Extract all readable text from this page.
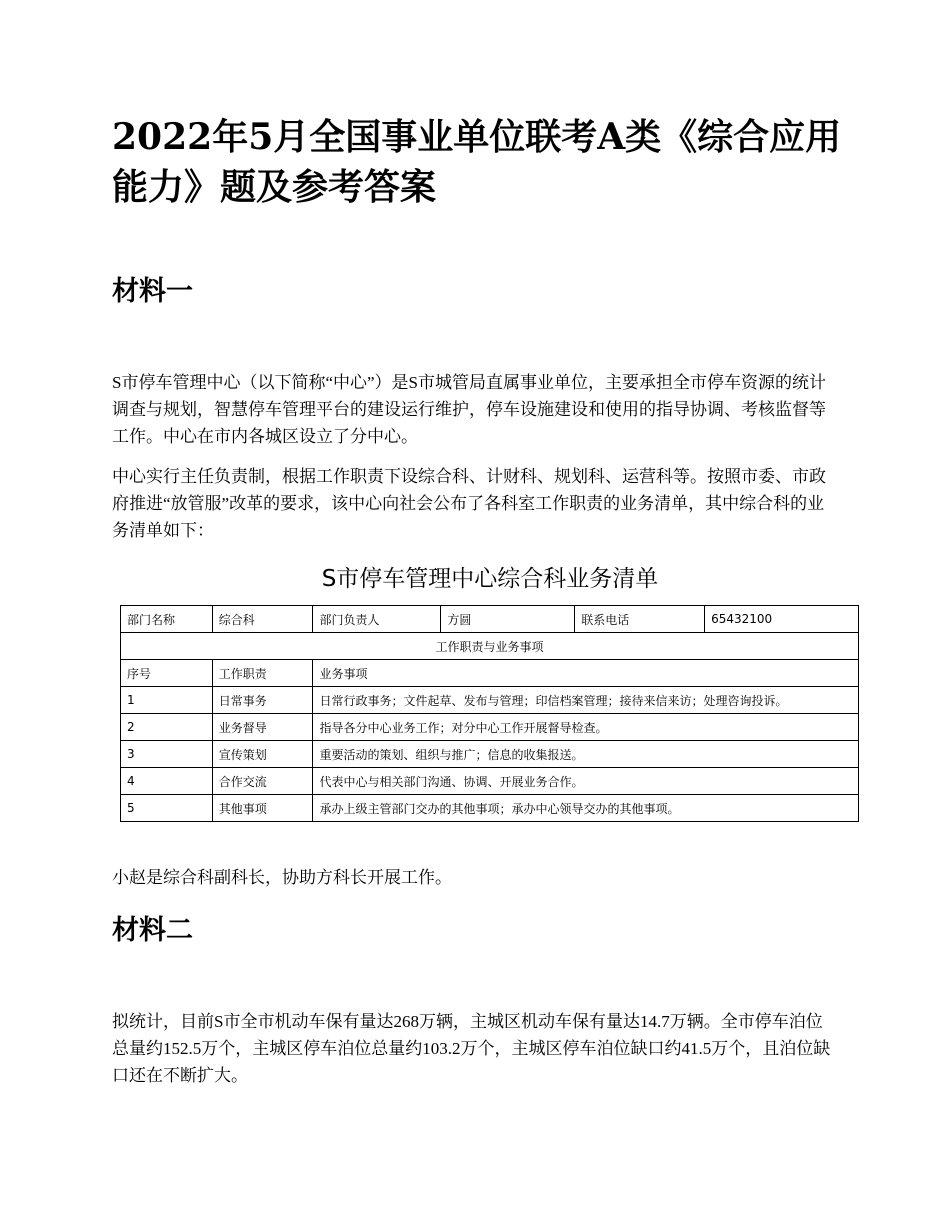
2022年5月全国事业单位联考A类《综合应用能力》题及参考答案
材料一

S市停车管理中心（以下简称“中心”）是S市城管局直属事业单位，主要承担全市停车资源的统计调查与规划，智慧停车管理平台的建设运行维护，停车设施建设和使用的指导协调、考核监督等工作。中心在市内各城区设立了分中心。

中心实行主任负责制，根据工作职责下设综合科、计财科、规划科、运营科等。按照市委、市政府推进“放管服”改革的要求，该中心向社会公布了各科室工作职责的业务清单，其中综合科的业务清单如下：

S市停车管理中心综合科业务清单
部门名称	综合科	部门负责人	方圆	联系电话	65432100
工作职责与业务事项					
序号	工作职责	业务事项			
1	日常事务	日常行政事务；文件起草、发布与管理；印信档案管理；接待来信来访；处理咨询投诉。			
2	业务督导	指导各分中心业务工作；对分中心工作开展督导检查。			
3	宣传策划	重要活动的策划、组织与推广；信息的收集报送。			
4	合作交流	代表中心与相关部门沟通、协调、开展业务合作。			
5	其他事项	承办上级主管部门交办的其他事项；承办中心领导交办的其他事项。			

小赵是综合科副科长，协助方科长开展工作。

材料二

拟统计，目前S市全市机动车保有量达268万辆，主城区机动车保有量达14.7万辆。全市停车泊位总量约152.5万个，主城区停车泊位总量约103.2万个，主城区停车泊位缺口约41.5万个，且泊位缺口还在不断扩大。
